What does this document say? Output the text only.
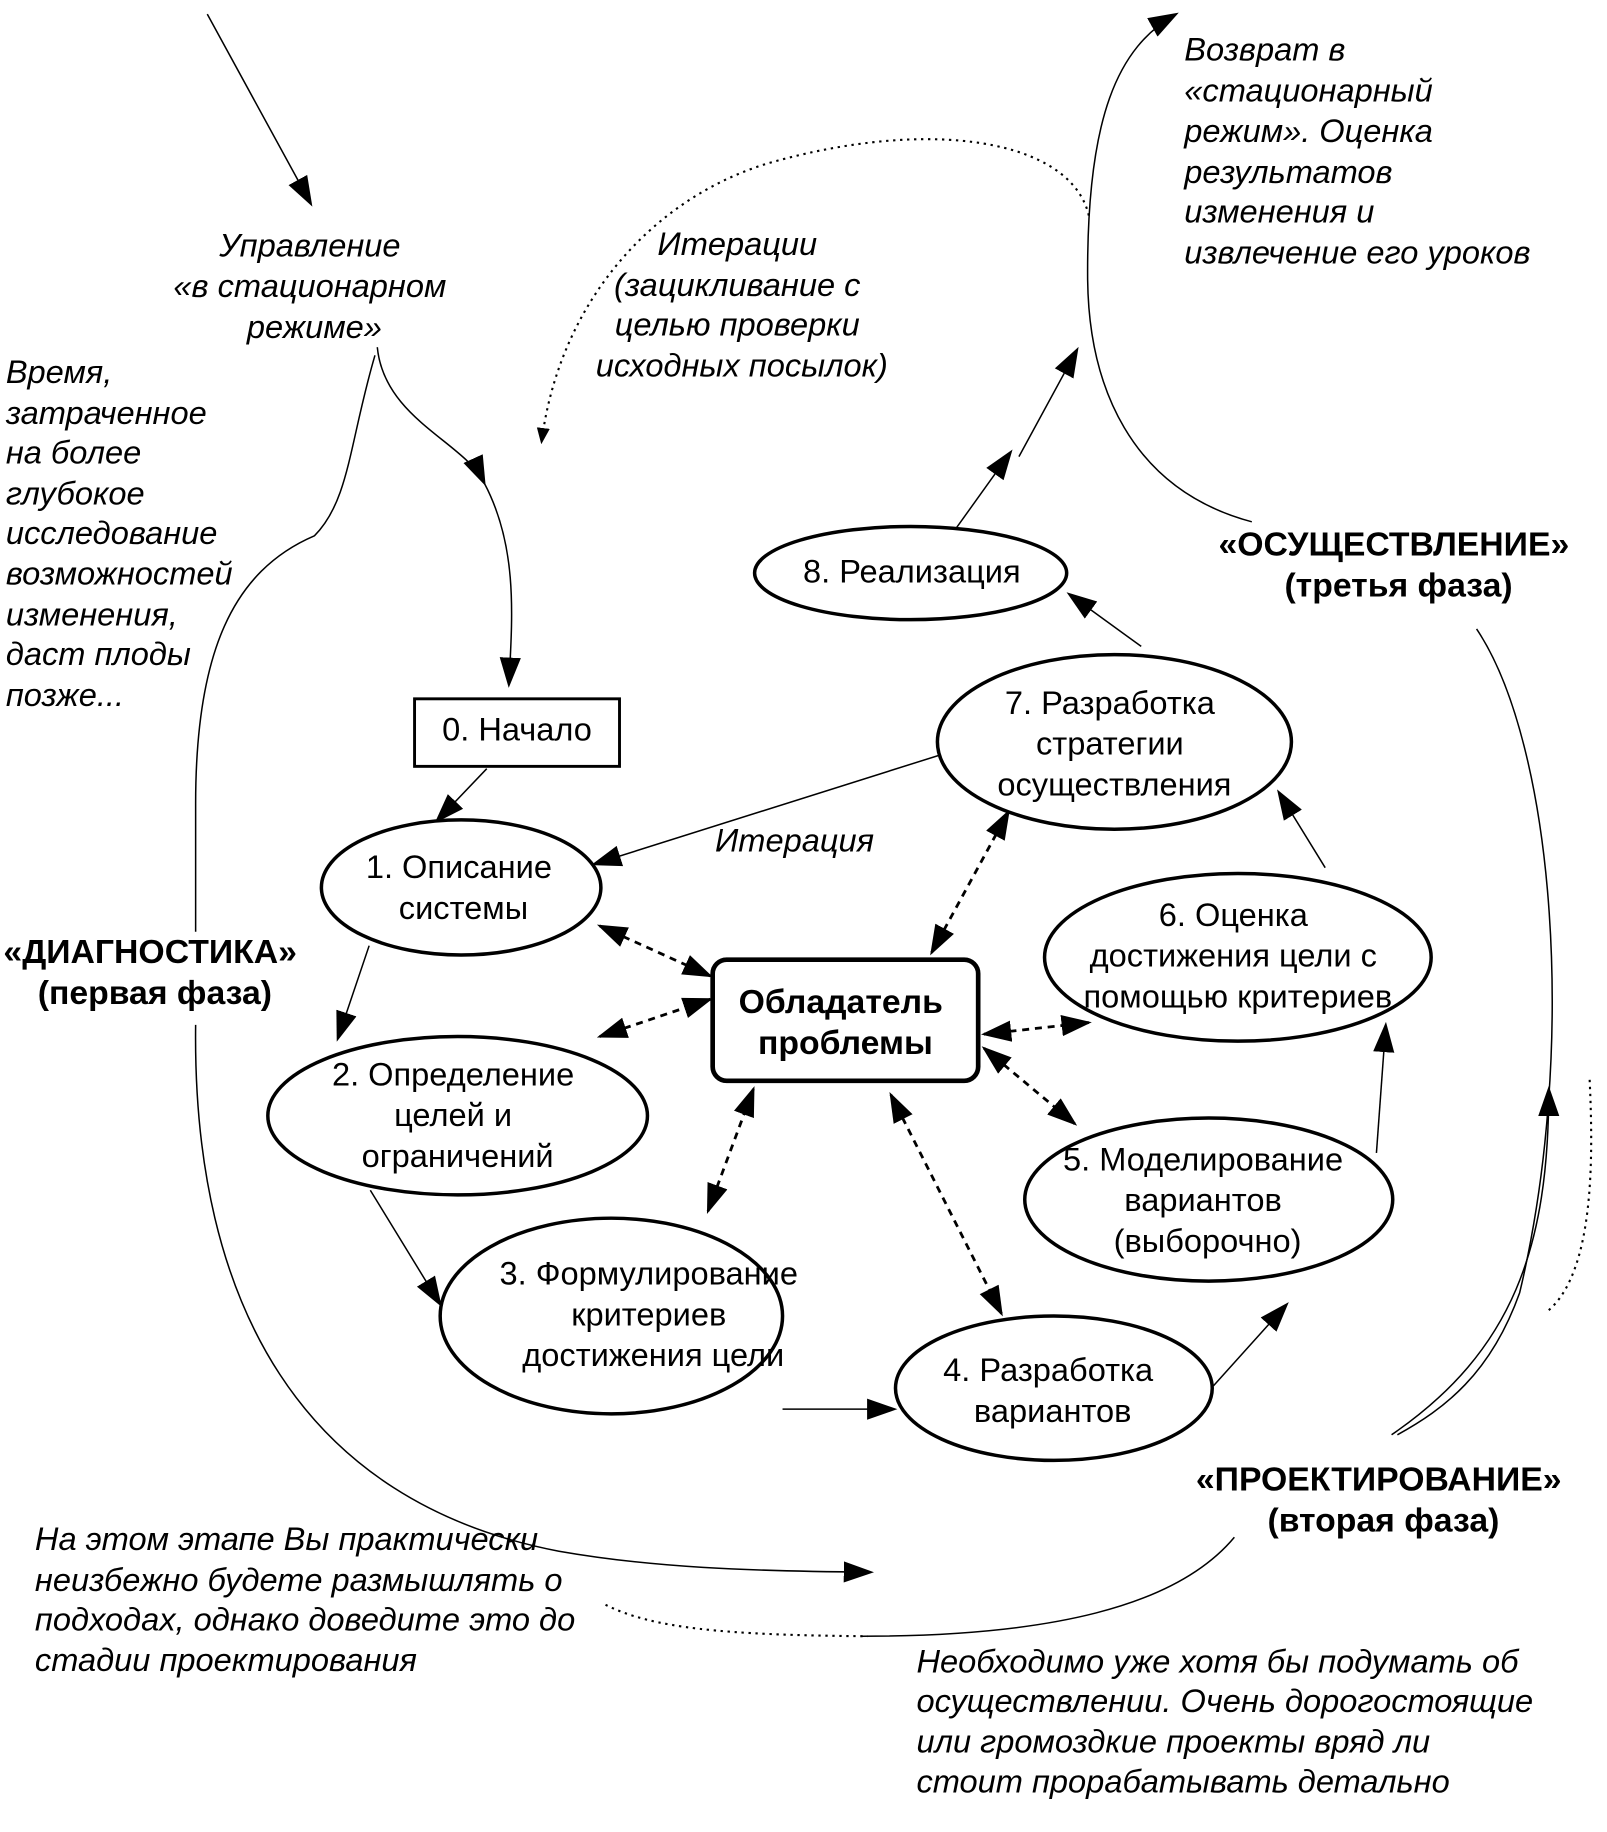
0. Начало
1. Описание системы
2. Определение целей и ограничений
3. Формулирование критериев достижения цели	4. Разработка вариантов
5. Моделирование вариантов (выборочно)
6. Оценка достижения цели с помощью критериев
7. Разработка стратегии осуществления
8. Реализация
Обладатель проблемы
«ДИАГНОСТИКА» (первая фаза)
«ОСУЩЕСТВЛЕНИЕ» (третья фаза)
«ПРОЕКТИРОВАНИЕ» (вторая фаза)
Управление «в стационарном режиме»
Время, затраченное на более глубокое исследование возможностей изменения, даст плоды позже...
Итерации (зацикливание с целью проверки исходных посылок)
Возврат в «стационарный режим». Оценка результатов изменения и извлечение его уроков
Итерация
На этом этапе Вы практически неизбежно будете размышлять о подходах, однако доведите это до стадии проектирования	Необходимо уже хотя бы подумать об осуществлении. Очень дорогостоящие или громоздкие проекты вряд ли стоит прорабатывать детально
